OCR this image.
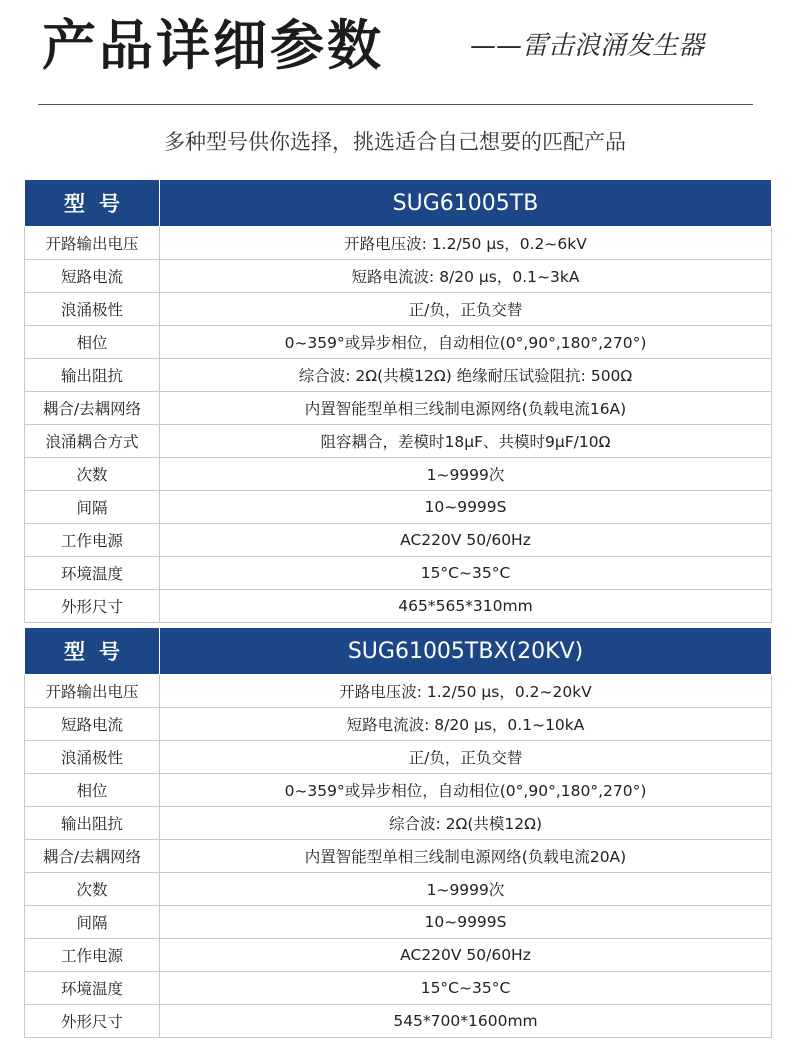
产品详细参数	——雷击浪涌发生器
多种型号供你选择，挑选适合自己想要的匹配产品
型号	SUG61005TB
开路输出电压	开路电压波: 1.2/50 μs，0.2~6kV
短路电流	短路电流波: 8/20 μs，0.1~3kA
浪涌极性	正/负，正负交替
相位	0~359°或异步相位，自动相位(0°,90°,180°,270°)
输出阻抗	综合波: 2Ω(共模12Ω) 绝缘耐压试验阻抗: 500Ω
耦合/去耦网络	内置智能型单相三线制电源网络(负载电流16A)
浪涌耦合方式	阻容耦合，差模时18μF、共模时9μF/10Ω
次数	1~9999次
间隔	10~9999S
工作电源	AC220V 50/60Hz
环境温度	15°C~35°C
外形尺寸	465*565*310mm
型号	SUG61005TBX(20KV)
开路输出电压	开路电压波: 1.2/50 μs，0.2~20kV
短路电流	短路电流波: 8/20 μs，0.1~10kA
浪涌极性	正/负，正负交替
相位	0~359°或异步相位，自动相位(0°,90°,180°,270°)
输出阻抗	综合波: 2Ω(共模12Ω)
耦合/去耦网络	内置智能型单相三线制电源网络(负载电流20A)
次数	1~9999次
间隔	10~9999S
工作电源	AC220V 50/60Hz
环境温度	15°C~35°C
外形尺寸	545*700*1600mm
